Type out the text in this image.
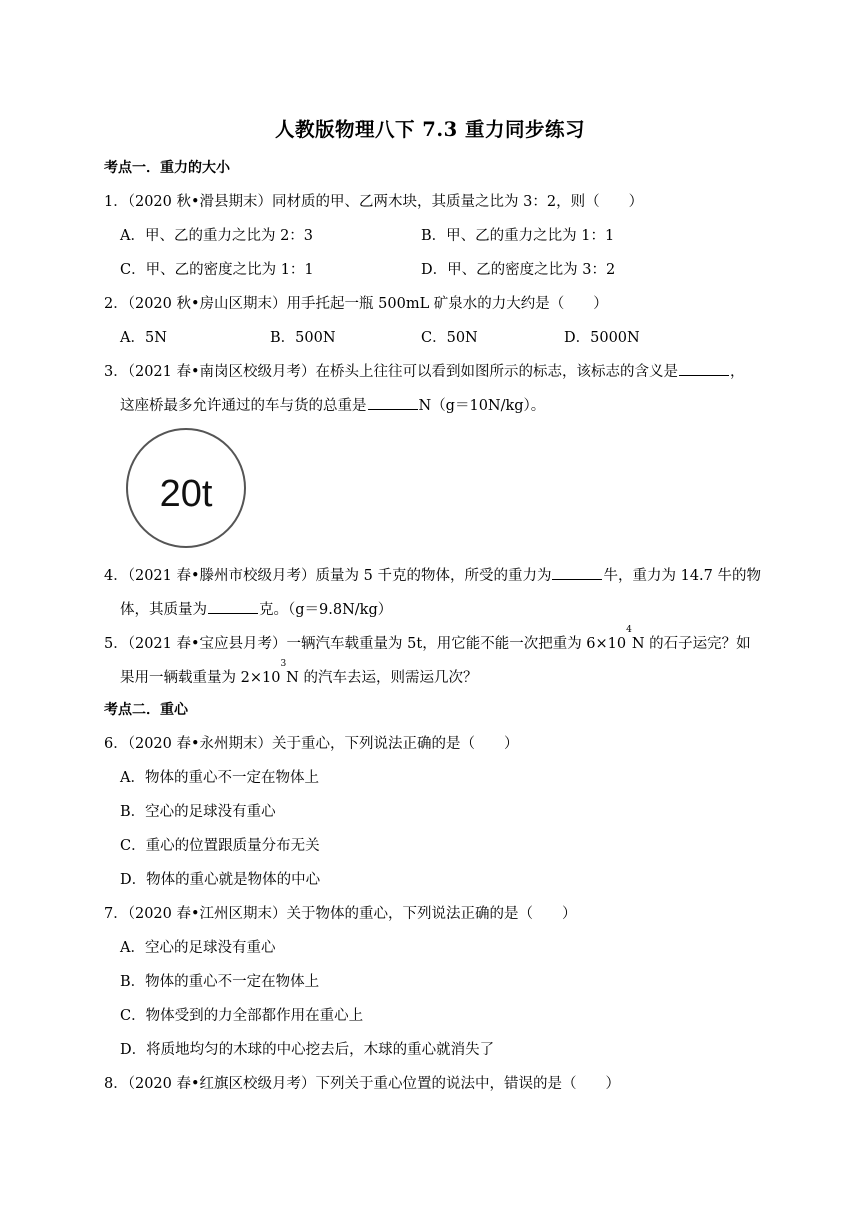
人教版物理八下 7.3 重力同步练习
考点一．重力的大小
1．（2020 秋•滑县期末）同材质的甲、乙两木块，其质量之比为 3：2，则（　　）
A．甲、乙的重力之比为 2：3	B．甲、乙的重力之比为 1：1
C．甲、乙的密度之比为 1：1	D．甲、乙的密度之比为 3：2
2．（2020 秋•房山区期末）用手托起一瓶 500mL 矿泉水的力大约是（　　）
A．5N	B．500N	C．50N	D．5000N
3．（2021 春•南岗区校级月考）在桥头上往往可以看到如图所示的标志，该标志的含义是	，
这座桥最多允许通过的车与货的总重是	N（g＝10N/kg）。
20t
4．（2021 春•滕州市校级月考）质量为 5 千克的物体，所受的重力为	牛，重力为 14.7 牛的物
体，其质量为	克。（g＝9.8N/kg）
5．（2021 春•宝应县月考）一辆汽车载重量为 5t，用它能不能一次把重为 $6\times 10^4N$ 的石子运完？如
果用一辆载重量为 $2\times 10^3N$ 的汽车去运，则需运几次？
考点二．重心
6．（2020 春•永州期末）关于重心，下列说法正确的是（　　）
A．物体的重心不一定在物体上
B．空心的足球没有重心
C．重心的位置跟质量分布无关
D．物体的重心就是物体的中心
7．（2020 春•江州区期末）关于物体的重心，下列说法正确的是（　　）
A．空心的足球没有重心
B．物体的重心不一定在物体上
C．物体受到的力全部都作用在重心上
D．将质地均匀的木球的中心挖去后，木球的重心就消失了
8．（2020 春•红旗区校级月考）下列关于重心位置的说法中，错误的是（　　）
